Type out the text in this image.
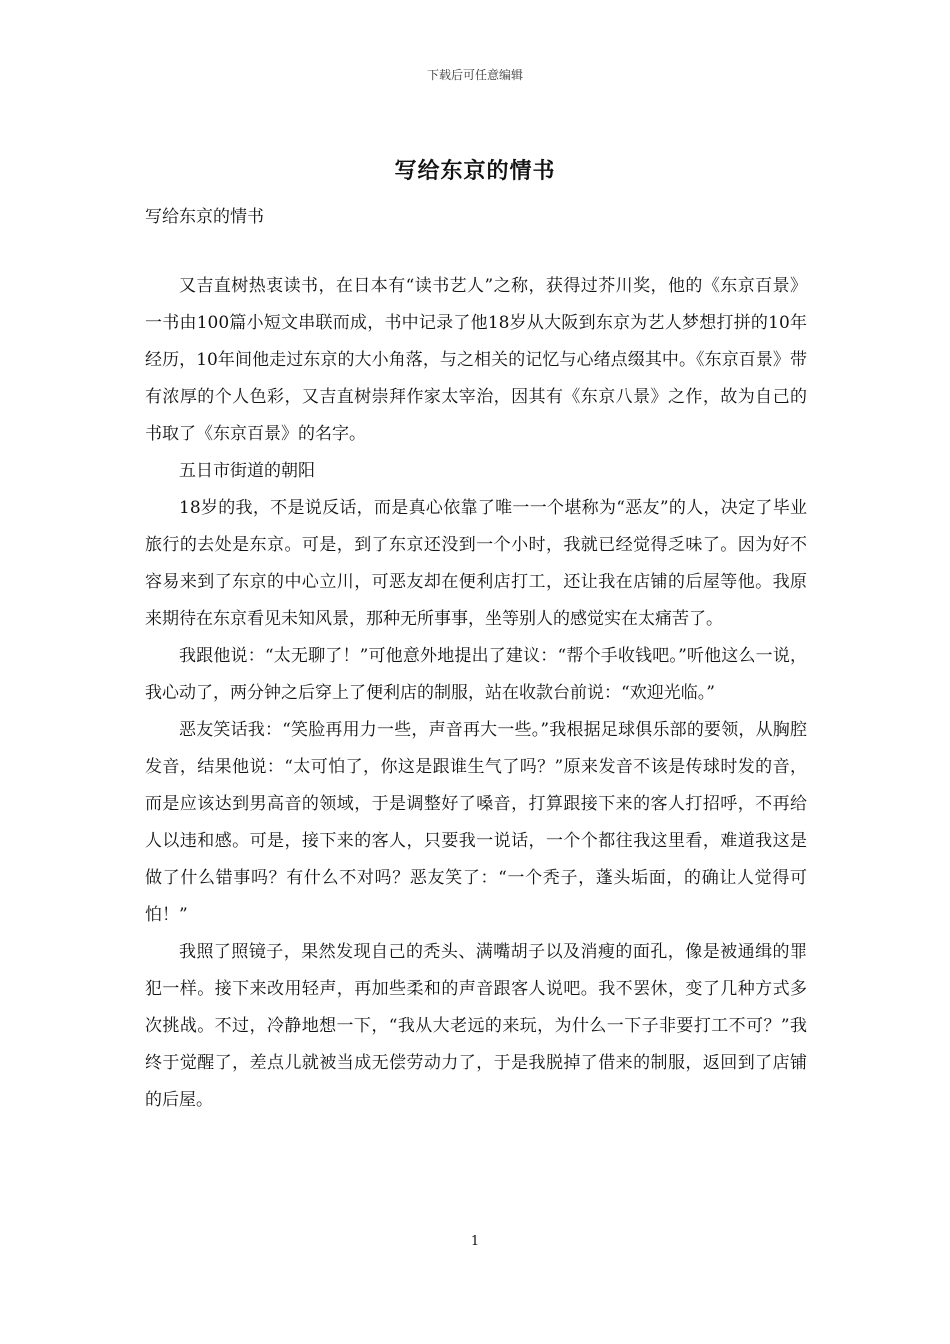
下载后可任意编辑
写给东京的情书
写给东京的情书

又吉直树热衷读书，在日本有“读书艺人”之称，获得过芥川奖，他的《东京百景》一书由100篇小短文串联而成，书中记录了他18岁从大阪到东京为艺人梦想打拼的10年经历，10年间他走过东京的大小角落，与之相关的记忆与心绪点缀其中。《东京百景》带有浓厚的个人色彩，又吉直树崇拜作家太宰治，因其有《东京八景》之作，故为自己的书取了《东京百景》的名字。

五日市街道的朝阳

18岁的我，不是说反话，而是真心依靠了唯一一个堪称为“恶友”的人，决定了毕业旅行的去处是东京。可是，到了东京还没到一个小时，我就已经觉得乏味了。因为好不容易来到了东京的中心立川，可恶友却在便利店打工，还让我在店铺的后屋等他。我原来期待在东京看见未知风景，那种无所事事，坐等别人的感觉实在太痛苦了。

我跟他说：“太无聊了！”可他意外地提出了建议：“帮个手收钱吧。”听他这么一说，我心动了，两分钟之后穿上了便利店的制服，站在收款台前说：“欢迎光临。”

恶友笑话我：“笑脸再用力一些，声音再大一些。”我根据足球俱乐部的要领，从胸腔发音，结果他说：“太可怕了，你这是跟谁生气了吗？”原来发音不该是传球时发的音，而是应该达到男高音的领域，于是调整好了嗓音，打算跟接下来的客人打招呼，不再给人以违和感。可是，接下来的客人，只要我一说话，一个个都往我这里看，难道我这是做了什么错事吗？有什么不对吗？恶友笑了：“一个秃子，蓬头垢面，的确让人觉得可怕！”

我照了照镜子，果然发现自己的秃头、满嘴胡子以及消瘦的面孔，像是被通缉的罪犯一样。接下来改用轻声，再加些柔和的声音跟客人说吧。我不罢休，变了几种方式多次挑战。不过，冷静地想一下，“我从大老远的来玩，为什么一下子非要打工不可？”我终于觉醒了，差点儿就被当成无偿劳动力了，于是我脱掉了借来的制服，返回到了店铺的后屋。

1
